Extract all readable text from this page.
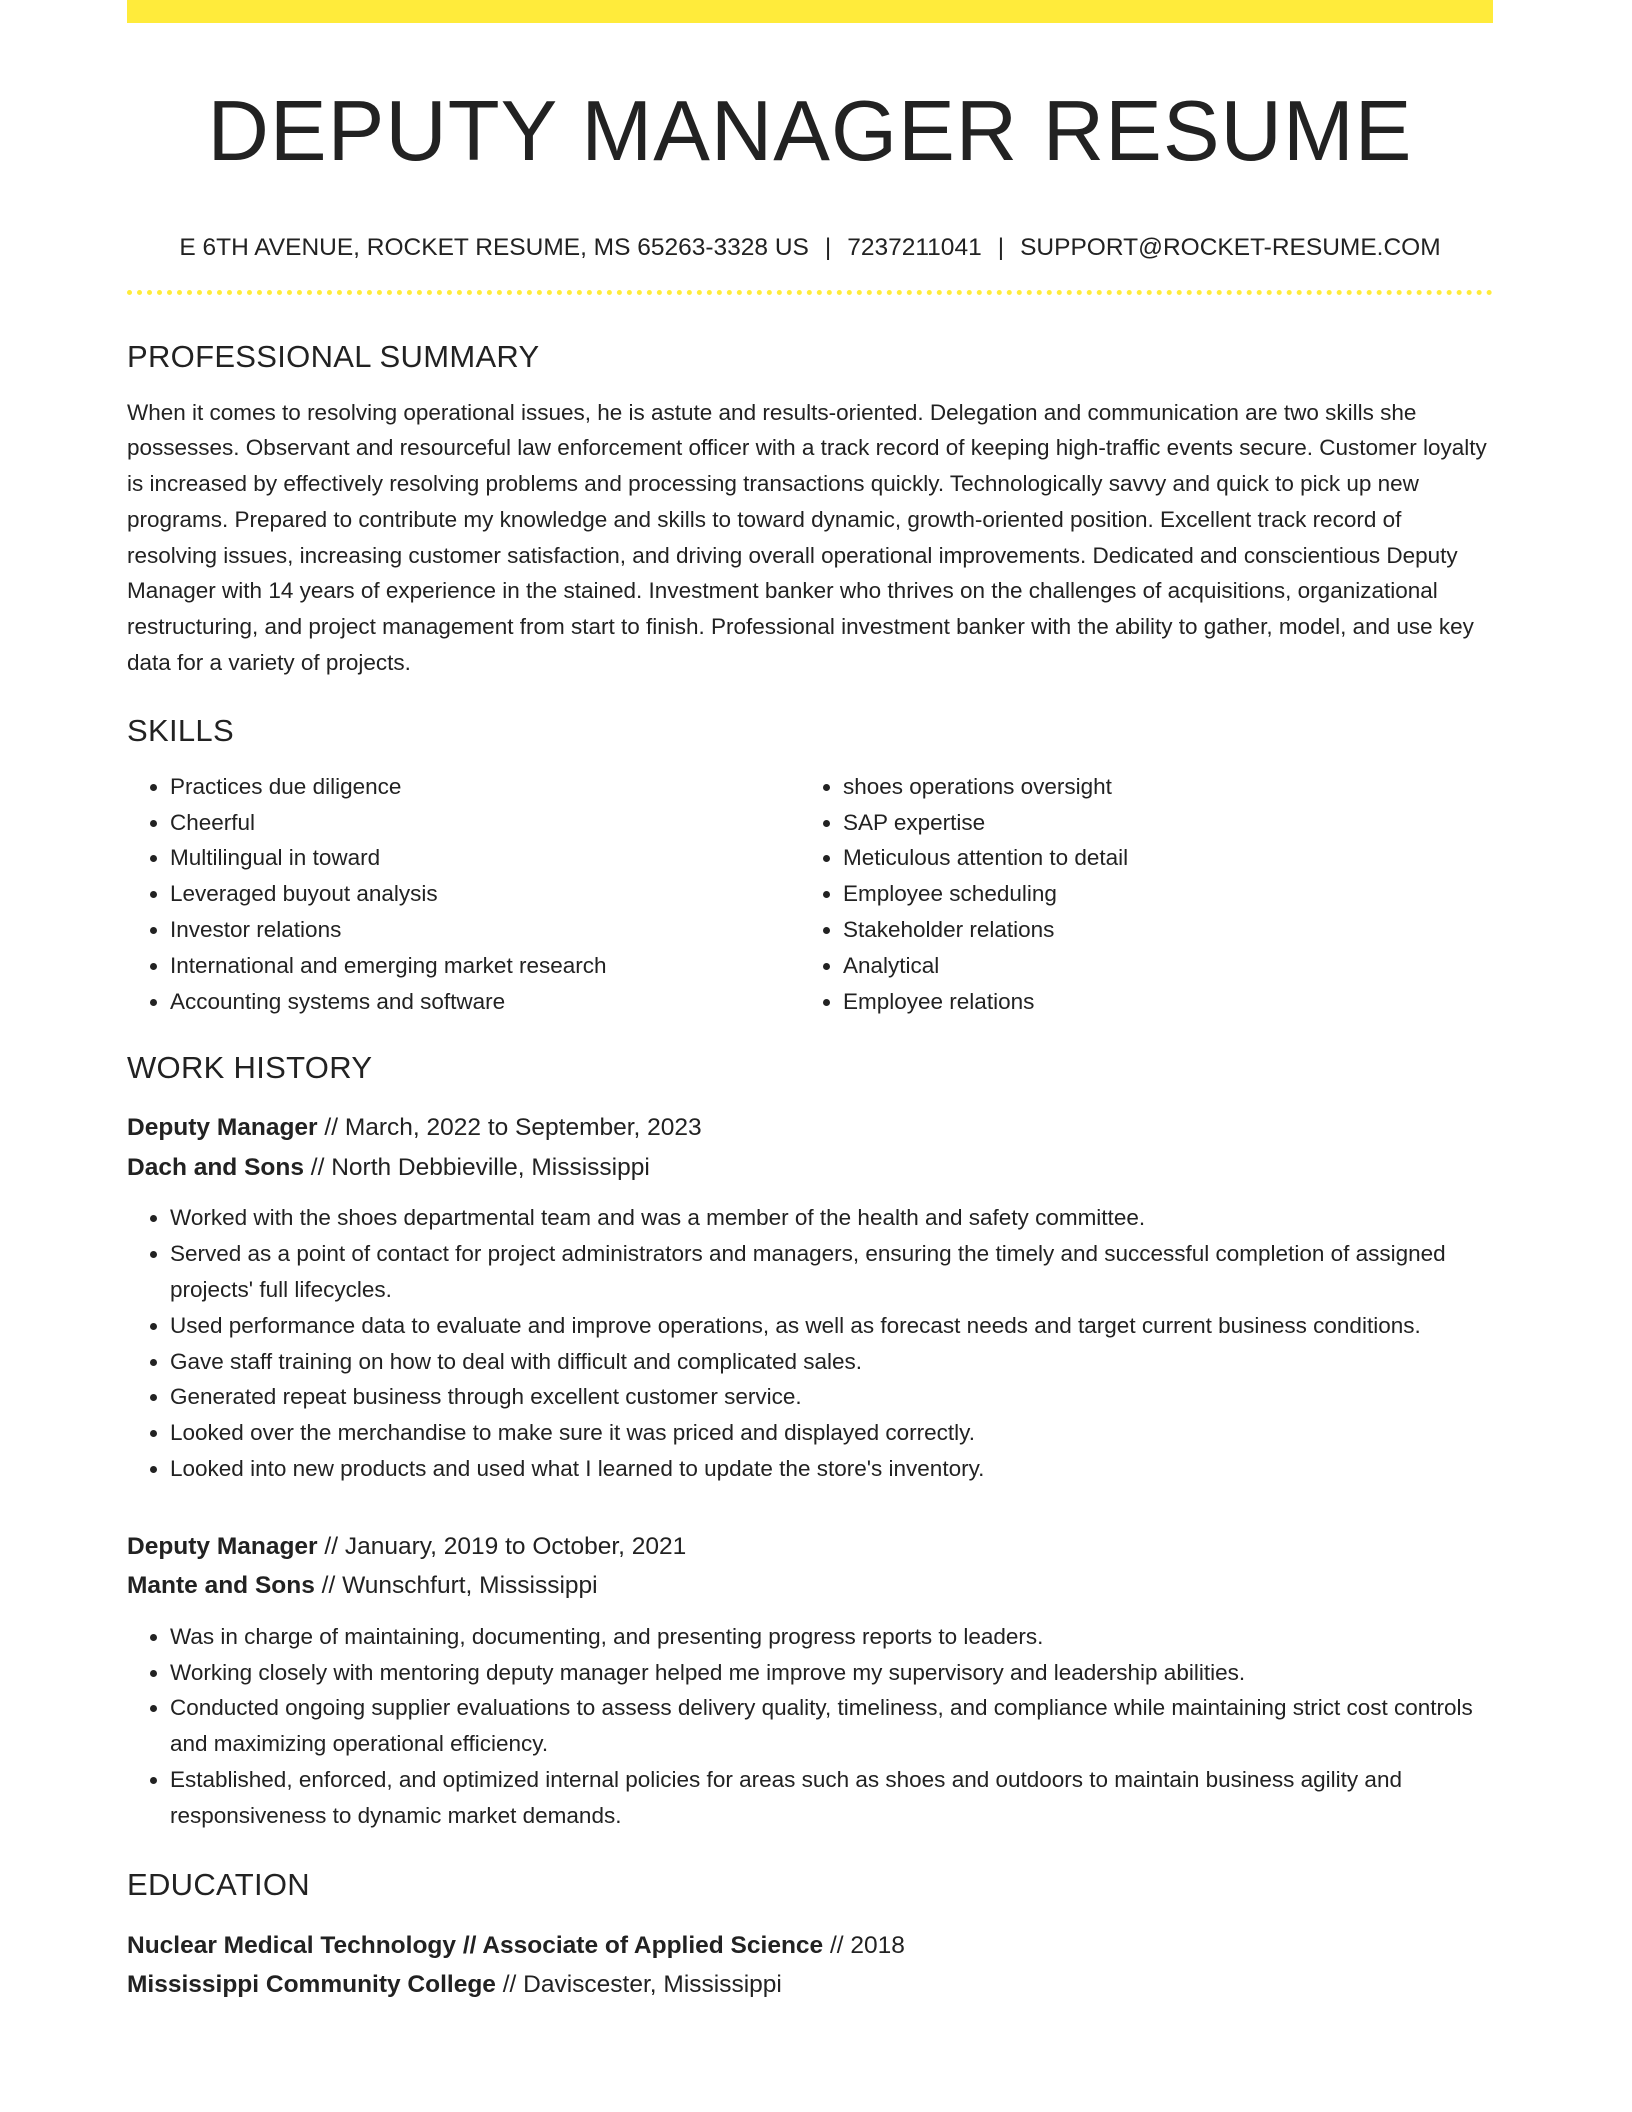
DEPUTY MANAGER RESUME
E 6TH AVENUE, ROCKET RESUME, MS 65263-3328 US | 7237211041 | SUPPORT@ROCKET-RESUME.COM
PROFESSIONAL SUMMARY

When it comes to resolving operational issues, he is astute and results-oriented. Delegation and communication are two skills she possesses. Observant and resourceful law enforcement officer with a track record of keeping high-traffic events secure. Customer loyalty is increased by effectively resolving problems and processing transactions quickly. Technologically savvy and quick to pick up new programs. Prepared to contribute my knowledge and skills to toward dynamic, growth-oriented position. Excellent track record of resolving issues, increasing customer satisfaction, and driving overall operational improvements. Dedicated and conscientious Deputy Manager with 14 years of experience in the stained. Investment banker who thrives on the challenges of acquisitions, organizational restructuring, and project management from start to finish. Professional investment banker with the ability to gather, model, and use key data for a variety of projects.

SKILLS
• Practices due diligence
• Cheerful
• Multilingual in toward
• Leveraged buyout analysis
• Investor relations
• International and emerging market research
• Accounting systems and software
• shoes operations oversight
• SAP expertise
• Meticulous attention to detail
• Employee scheduling
• Stakeholder relations
• Analytical
• Employee relations
WORK HISTORY

Deputy Manager // March, 2022 to September, 2023

Dach and Sons // North Debbieville, Mississippi

• Worked with the shoes departmental team and was a member of the health and safety committee.
• Served as a point of contact for project administrators and managers, ensuring the timely and successful completion of assigned projects' full lifecycles.
• Used performance data to evaluate and improve operations, as well as forecast needs and target current business conditions.
• Gave staff training on how to deal with difficult and complicated sales.
• Generated repeat business through excellent customer service.
• Looked over the merchandise to make sure it was priced and displayed correctly.
• Looked into new products and used what I learned to update the store's inventory.

Deputy Manager // January, 2019 to October, 2021

Mante and Sons // Wunschfurt, Mississippi

• Was in charge of maintaining, documenting, and presenting progress reports to leaders.
• Working closely with mentoring deputy manager helped me improve my supervisory and leadership abilities.
• Conducted ongoing supplier evaluations to assess delivery quality, timeliness, and compliance while maintaining strict cost controls and maximizing operational efficiency.
• Established, enforced, and optimized internal policies for areas such as shoes and outdoors to maintain business agility and responsiveness to dynamic market demands.
EDUCATION

Nuclear Medical Technology // Associate of Applied Science // 2018

Mississippi Community College // Daviscester, Mississippi
